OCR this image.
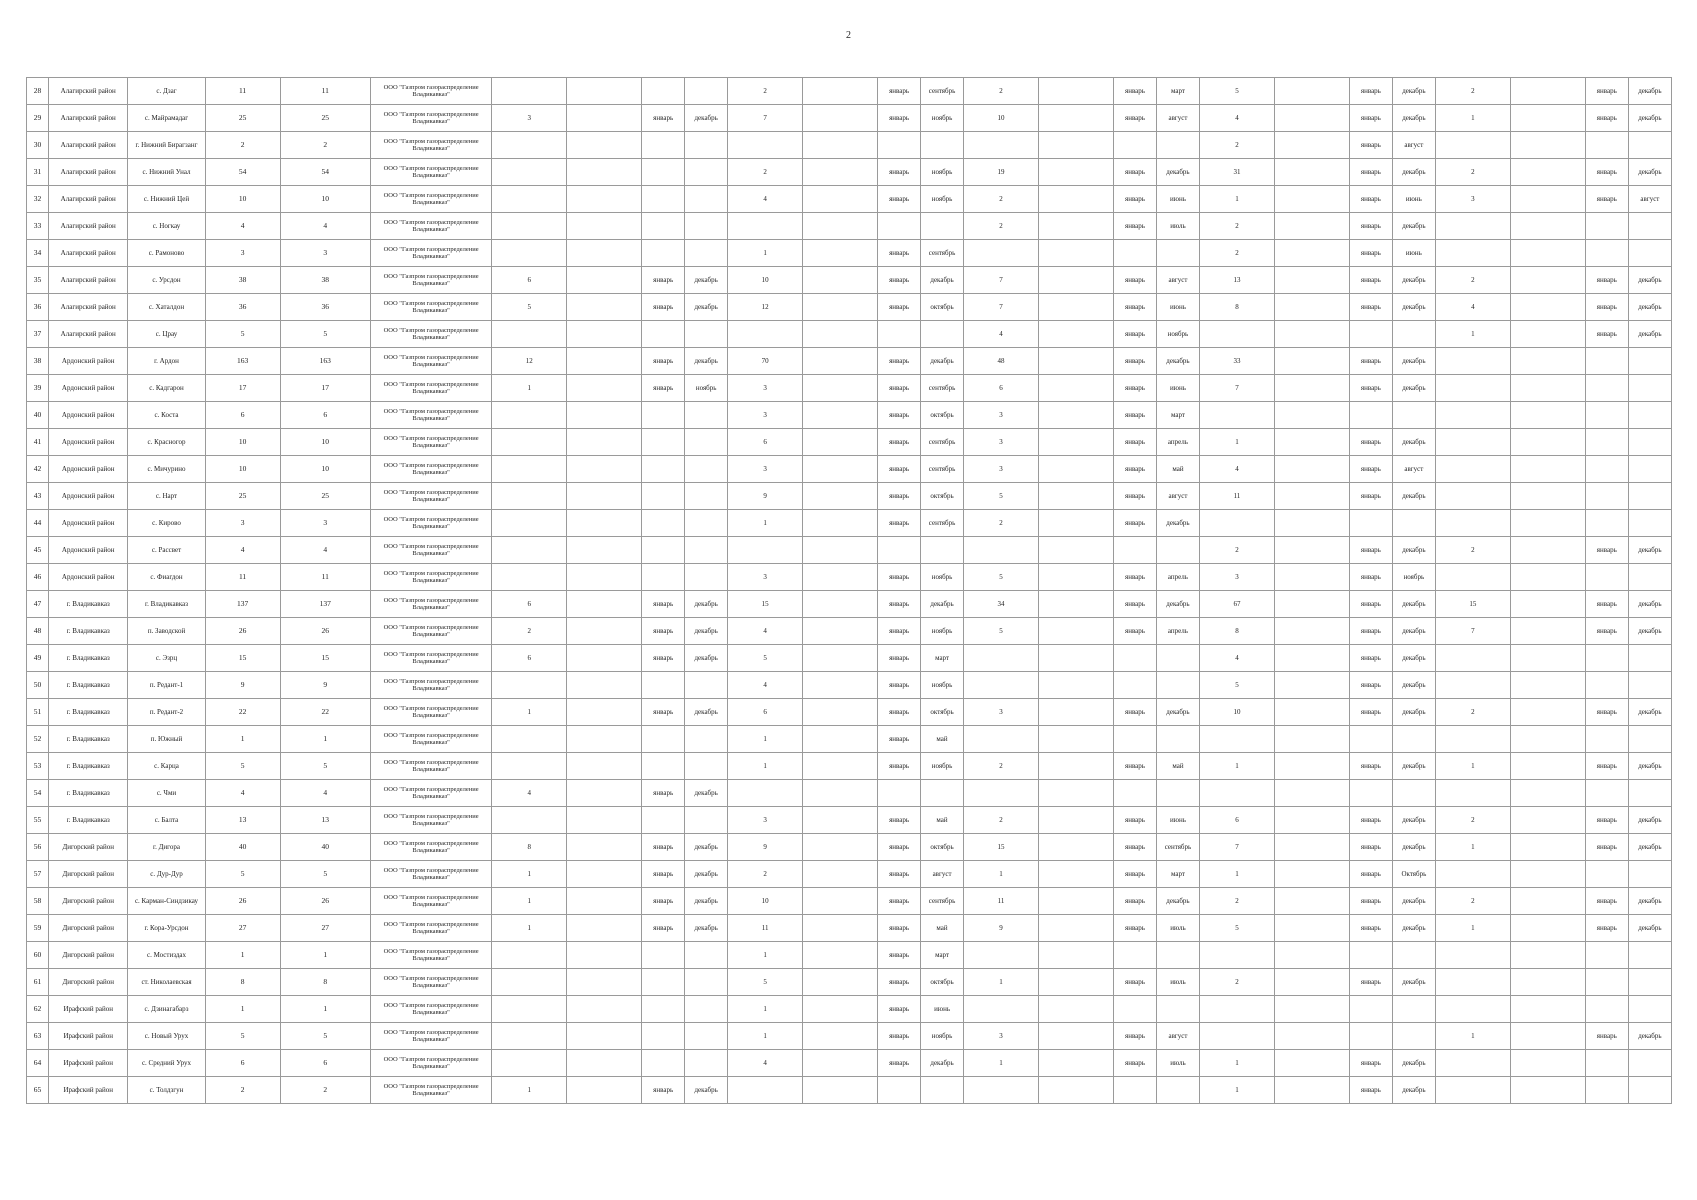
2
28	Алагирский район	с. Дзаг	11	11	ООО "Газпром газораспределение Владикавказ"					2		январь	сентябрь	2		январь	март	5		январь	декабрь	2		январь	декабрь
29	Алагирский район	с. Майрамадаг	25	25	ООО "Газпром газораспределение Владикавказ"	3		январь	декабрь	7		январь	ноябрь	10		январь	август	4		январь	декабрь	1		январь	декабрь
30	Алагирский район	г. Нижний Бирагзанг	2	2	ООО "Газпром газораспределение Владикавказ"													2		январь	август				
31	Алагирский район	с. Нижний Унал	54	54	ООО "Газпром газораспределение Владикавказ"					2		январь	ноябрь	19		январь	декабрь	31		январь	декабрь	2		январь	декабрь
32	Алагирский район	с. Нижний Цей	10	10	ООО "Газпром газораспределение Владикавказ"					4		январь	ноябрь	2		январь	июнь	1		январь	июнь	3		январь	август
33	Алагирский район	с. Ногкау	4	4	ООО "Газпром газораспределение Владикавказ"									2		январь	июль	2		январь	декабрь				
34	Алагирский район	с. Рамоново	3	3	ООО "Газпром газораспределение Владикавказ"					1		январь	сентябрь					2		январь	июнь				
35	Алагирский район	с. Урсдон	38	38	ООО "Газпром газораспределение Владикавказ"	6		январь	декабрь	10		январь	декабрь	7		январь	август	13		январь	декабрь	2		январь	декабрь
36	Алагирский район	с. Хаталдон	36	36	ООО "Газпром газораспределение Владикавказ"	5		январь	декабрь	12		январь	октябрь	7		январь	июнь	8		январь	декабрь	4		январь	декабрь
37	Алагирский район	с. Црау	5	5	ООО "Газпром газораспределение Владикавказ"									4		январь	ноябрь					1		январь	декабрь
38	Ардонский район	г. Ардон	163	163	ООО "Газпром газораспределение Владикавказ"	12		январь	декабрь	70		январь	декабрь	48		январь	декабрь	33		январь	декабрь				
39	Ардонский район	с. Кадгарон	17	17	ООО "Газпром газораспределение Владикавказ"	1		январь	ноябрь	3		январь	сентябрь	6		январь	июнь	7		январь	декабрь				
40	Ардонский район	с. Коста	6	6	ООО "Газпром газораспределение Владикавказ"					3		январь	октябрь	3		январь	март								
41	Ардонский район	с. Красногор	10	10	ООО "Газпром газораспределение Владикавказ"					6		январь	сентябрь	3		январь	апрель	1		январь	декабрь				
42	Ардонский район	с. Мичурино	10	10	ООО "Газпром газораспределение Владикавказ"					3		январь	сентябрь	3		январь	май	4		январь	август				
43	Ардонский район	с. Нарт	25	25	ООО "Газпром газораспределение Владикавказ"					9		январь	октябрь	5		январь	август	11		январь	декабрь				
44	Ардонский район	с. Кирово	3	3	ООО "Газпром газораспределение Владикавказ"					1		январь	сентябрь	2		январь	декабрь								
45	Ардонский район	с. Рассвет	4	4	ООО "Газпром газораспределение Владикавказ"													2		январь	декабрь	2		январь	декабрь
46	Ардонский район	с. Фиагдон	11	11	ООО "Газпром газораспределение Владикавказ"					3		январь	ноябрь	5		январь	апрель	3		январь	ноябрь				
47	г. Владикавказ	г. Владикавказ	137	137	ООО "Газпром газораспределение Владикавказ"	6		январь	декабрь	15		январь	декабрь	34		январь	декабрь	67		январь	декабрь	15		январь	декабрь
48	г. Владикавказ	п. Заводской	26	26	ООО "Газпром газораспределение Владикавказ"	2		январь	декабрь	4		январь	ноябрь	5		январь	апрель	8		январь	декабрь	7		январь	декабрь
49	г. Владикавказ	с. Эзрц	15	15	ООО "Газпром газораспределение Владикавказ"	6		январь	декабрь	5		январь	март					4		январь	декабрь				
50	г. Владикавказ	п. Редант-1	9	9	ООО "Газпром газораспределение Владикавказ"					4		январь	ноябрь					5		январь	декабрь				
51	г. Владикавказ	п. Редант-2	22	22	ООО "Газпром газораспределение Владикавказ"	1		январь	декабрь	6		январь	октябрь	3		январь	декабрь	10		январь	декабрь	2		январь	декабрь
52	г. Владикавказ	п. Южный	1	1	ООО "Газпром газораспределение Владикавказ"					1		январь	май												
53	г. Владикавказ	с. Карца	5	5	ООО "Газпром газораспределение Владикавказ"					1		январь	ноябрь	2		январь	май	1		январь	декабрь	1		январь	декабрь
54	г. Владикавказ	с. Чми	4	4	ООО "Газпром газораспределение Владикавказ"	4		январь	декабрь																
55	г. Владикавказ	с. Балта	13	13	ООО "Газпром газораспределение Владикавказ"					3		январь	май	2		январь	июнь	6		январь	декабрь	2		январь	декабрь
56	Дигорский район	г. Дигора	40	40	ООО "Газпром газораспределение Владикавказ"	8		январь	декабрь	9		январь	октябрь	15		январь	сентябрь	7		январь	декабрь	1		январь	декабрь
57	Дигорский район	с. Дур-Дур	5	5	ООО "Газпром газораспределение Владикавказ"	1		январь	декабрь	2		январь	август	1		январь	март	1		январь	Октябрь				
58	Дигорский район	с. Карман-Синдзикау	26	26	ООО "Газпром газораспределение Владикавказ"	1		январь	декабрь	10		январь	сентябрь	11		январь	декабрь	2		январь	декабрь	2		январь	декабрь
59	Дигорский район	г. Кора-Урсдон	27	27	ООО "Газпром газораспределение Владикавказ"	1		январь	декабрь	11		январь	май	9		январь	июль	5		январь	декабрь	1		январь	декабрь
60	Дигорский район	с. Мостиздах	1	1	ООО "Газпром газораспределение Владикавказ"					1		январь	март												
61	Дигорский район	ст. Николаевская	8	8	ООО "Газпром газораспределение Владикавказ"					5		январь	октябрь	1		январь	июль	2		январь	декабрь				
62	Ирафский район	с. Дзинагабарз	1	1	ООО "Газпром газораспределение Владикавказ"					1		январь	июнь												
63	Ирафский район	с. Новый Урух	5	5	ООО "Газпром газораспределение Владикавказ"					1		январь	ноябрь	3		январь	август					1		январь	декабрь
64	Ирафский район	с. Средний Урух	6	6	ООО "Газпром газораспределение Владикавказ"					4		январь	декабрь	1		январь	июль	1		январь	декабрь				
65	Ирафский район	с. Толдзгун	2	2	ООО "Газпром газораспределение Владикавказ"	1		январь	декабрь									1		январь	декабрь				
